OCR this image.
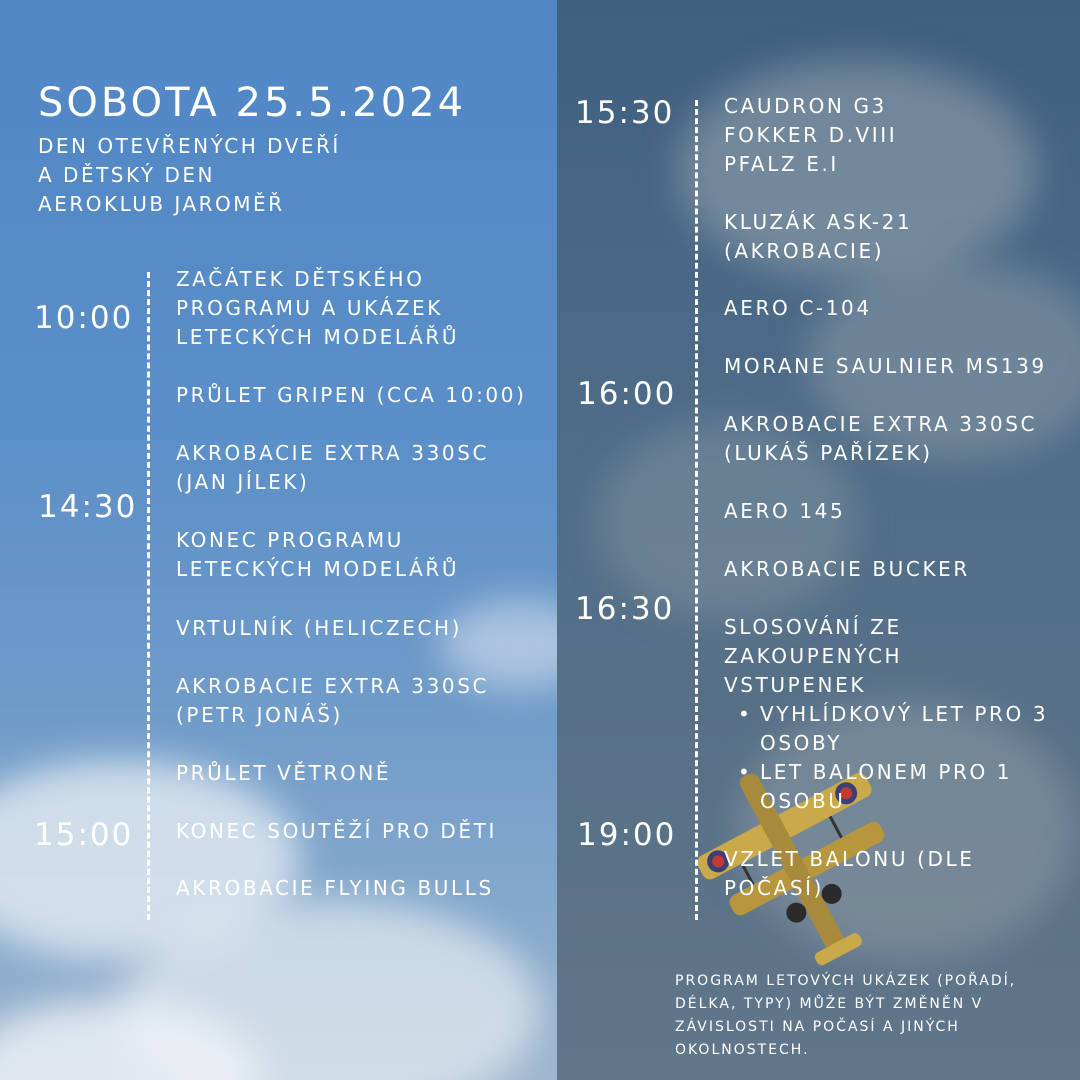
SOBOTA 25.5.2024
DEN OTEVŘENÝCH DVEŘÍ
A DĚTSKÝ DEN
AEROKLUB JAROMĚŘ
10:00
14:30
15:00
ZAČÁTEK DĚTSKÉHO
PROGRAMU A UKÁZEK
LETECKÝCH MODELÁŘŮ
PRŮLET GRIPEN (CCA 10:00)
AKROBACIE EXTRA 330SC
(JAN JÍLEK)
KONEC PROGRAMU
LETECKÝCH MODELÁŘŮ
VRTULNÍK (HELICZECH)
AKROBACIE EXTRA 330SC
(PETR JONÁŠ)
PRŮLET VĚTRONĚ
KONEC SOUTĚŽÍ PRO DĚTI
AKROBACIE FLYING BULLS
15:30
16:00
16:30
19:00
CAUDRON G3
FOKKER D.VIII
PFALZ E.I
KLUZÁK ASK-21
(AKROBACIE)
AERO C-104
MORANE SAULNIER MS139
AKROBACIE EXTRA 330SC
(LUKÁŠ PAŘÍZEK)
AERO 145
AKROBACIE BUCKER
SLOSOVÁNÍ ZE
ZAKOUPENÝCH
VSTUPENEK
• VYHLÍDKOVÝ LET PRO 3
OSOBY
• LET BALONEM PRO 1
OSOBU
VZLET BALONU (DLE
POČASÍ)
PROGRAM LETOVÝCH UKÁZEK (POŘADÍ,
DÉLKA, TYPY) MŮŽE BÝT ZMĚNĚN V
ZÁVISLOSTI NA POČASÍ A JINÝCH
OKOLNOSTECH.
